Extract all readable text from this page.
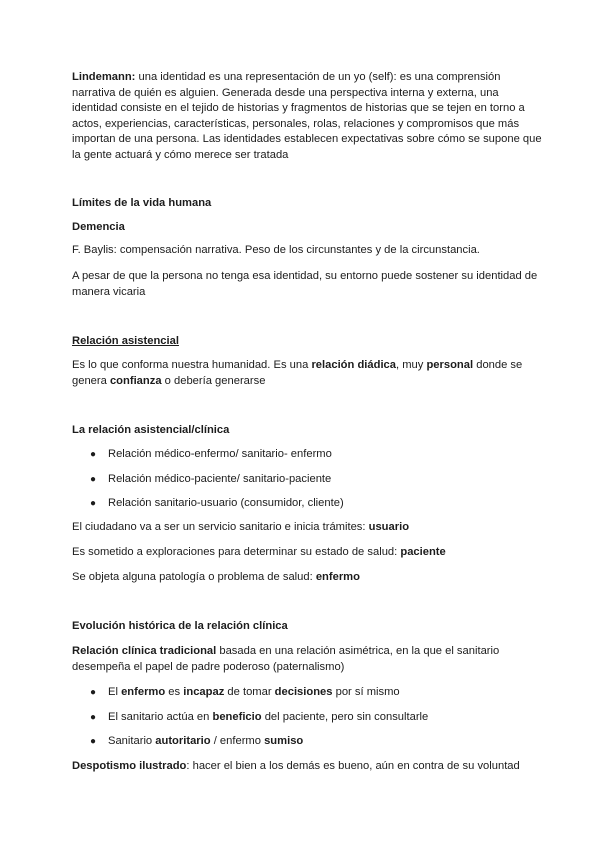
Lindemann: una identidad es una representación de un yo (self): es una comprensión narrativa de quién es alguien. Generada desde una perspectiva interna y externa, una identidad consiste en el tejido de historias y fragmentos de historias que se tejen en torno a actos, experiencias, características, personales, rolas, relaciones y compromisos que más importan de una persona. Las identidades establecen expectativas sobre cómo se supone que la gente actuará y cómo merece ser tratada

Límites de la vida humana

Demencia

F. Baylis: compensación narrativa. Peso de los circunstantes y de la circunstancia.

A pesar de que la persona no tenga esa identidad, su entorno puede sostener su identidad de manera vicaria

Relación asistencial

Es lo que conforma nuestra humanidad. Es una relación diádica, muy personal donde se genera confianza o debería generarse

La relación asistencial/clínica

● Relación médico-enfermo/ sanitario- enfermo
● Relación médico-paciente/ sanitario-paciente
● Relación sanitario-usuario (consumidor, cliente)

El ciudadano va a ser un servicio sanitario e inicia trámites: usuario

Es sometido a exploraciones para determinar su estado de salud: paciente

Se objeta alguna patología o problema de salud: enfermo

Evolución histórica de la relación clínica

Relación clínica tradicional basada en una relación asimétrica, en la que el sanitario desempeña el papel de padre poderoso (paternalismo)

● El enfermo es incapaz de tomar decisiones por sí mismo
● El sanitario actúa en beneficio del paciente, pero sin consultarle
● Sanitario autoritario / enfermo sumiso

Despotismo ilustrado: hacer el bien a los demás es bueno, aún en contra de su voluntad
